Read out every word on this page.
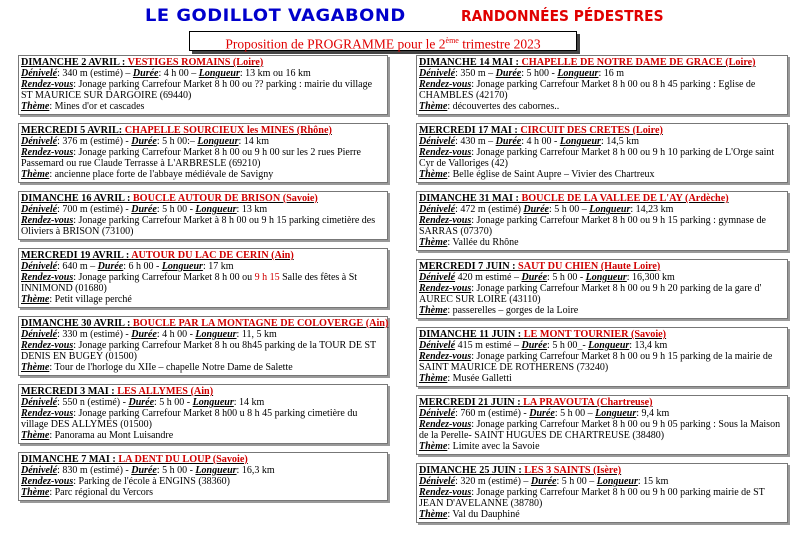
LE GODILLOT VAGABOND	RANDONNÉES PÉDESTRES
Proposition de PROGRAMME pour le 2ème trimestre 2023
DIMANCHE 2 AVRIL : VESTIGES ROMAINS (Loire)
Dénivelé: 340 m (estimé) – Durée: 4 h 00 – Longueur: 13 km ou 16 km
Rendez-vous: Jonage parking Carrefour Market 8 h 00 ou ?? parking : mairie du village ST MAURICE SUR DARGOIRE (69440)
Thème: Mines d'or et cascades
MERCREDI 5 AVRIL: CHAPELLE SOURCIEUX les MINES (Rhône)
Dénivelé: 376 m (estimé) - Durée: 5 h 00:– Longueur: 14 km
Rendez-vous: Jonage parking Carrefour Market 8 h 00 ou 9 h 00 sur les 2 rues Pierre Passemard ou rue Claude Terrasse à L'ARBRESLE (69210)
Thème: ancienne place forte de l'abbaye médiévale de Savigny
DIMANCHE 16 AVRIL : BOUCLE AUTOUR DE BRISON (Savoie)
Dénivelé: 700 m (estimé) - Durée: 5 h 00 - Longueur: 13 km
Rendez-vous: Jonage parking Carrefour Market à 8 h 00 ou 9 h 15 parking cimetière des Oliviers à BRISON (73100)
MERCREDI 19 AVRIL : AUTOUR DU LAC DE CERIN (Ain)
Dénivelé: 640 m – Durée: 6 h 00 - Longueur: 17 km
Rendez-vous: Jonage parking Carrefour Market 8 h 00 ou 9 h 15 Salle des fêtes à St INNIMOND (01680)
Thème: Petit village perché
DIMANCHE 30 AVRIL : BOUCLE PAR LA MONTAGNE DE COLOVERGE (Ain)
Dénivelé: 330 m (estimé) - Durée: 4 h 00 - Longueur: 11, 5 km
Rendez-vous: Jonage parking Carrefour Market 8 h ou 8h45 parking de la TOUR DE ST DENIS EN BUGEY (01500)
Thème: Tour de l'horloge du XIIe – chapelle Notre Dame de Salette
MERCREDI 3 MAI : LES ALLYMES (Ain)
Dénivelé: 550 n (estimé) - Durée: 5 h 00 - Longueur: 14 km
Rendez-vous: Jonage parking Carrefour Market 8 h00 u 8 h 45 parking cimetière du village DES ALLYMES (01500)
Thème: Panorama au Mont Luisandre
DIMANCHE 7 MAI : LA DENT DU LOUP (Savoie)
Dénivelé: 830 m (estimé) - Durée: 5 h 00 - Longueur: 16,3 km
Rendez-vous: Parking de l'école à ENGINS (38360)
Thème: Parc régional du Vercors
DIMANCHE 14 MAI : CHAPELLE DE NOTRE DAME DE GRACE (Loire)
Dénivelé: 350 m – Durée: 5 h00 - Longueur: 16 m
Rendez-vous: Jonage parking Carrefour Market 8 h 00 ou 8 h 45 parking : Eglise de CHAMBLES (42170)
Thème: découvertes des cabornes..
MERCREDI 17 MAI : CIRCUIT DES CRETES (Loire)
Dénivelé: 430 m – Durée: 4 h 00 - Longueur: 14,5 km
Rendez-vous: Jonage parking Carrefour Market 8 h 00 ou 9 h 10 parking de L'Orge saint Cyr de Valloriges (42)
Thème: Belle église de Saint Aupre – Vivier des Chartreux
DIMANCHE 31 MAI : BOUCLE DE LA VALLEE DE L'AY (Ardèche)
Dénivelé: 472 m (estimé) Durée: 5 h 00 – Longueur: 14,23 km
Rendez-vous: Jonage parking Carrefour Market 8 h 00 ou 9 h 15 parking : gymnase de SARRAS (07370)
Thème: Vallée du Rhône
MERCREDI 7 JUIN : SAUT DU CHIEN (Haute Loire)
Dénivelé 420 m estimé – Durée: 5 h 00 - Longueur: 16,300 km
Rendez-vous: Jonage parking Carrefour Market 8 h 00 ou 9 h 20 parking de la gare d' AUREC SUR LOIRE (43110)
Thème: passerelles – gorges de la Loire
DIMANCHE 11 JUIN : LE MONT TOURNIER (Savoie)
Dénivelé 415 m estimé – Durée: 5 h 00_- Longueur: 13,4 km
Rendez-vous: Jonage parking Carrefour Market 8 h 00 ou 9 h 15 parking de la mairie de SAINT MAURICE DE ROTHERENS (73240)
Thème: Musée Galletti
MERCREDI 21 JUIN : LA PRAVOUTA (Chartreuse)
Dénivelé: 760 m (estimé) - Durée: 5 h 00 – Longueur: 9,4 km
Rendez-vous: Jonage parking Carrefour Market 8 h 00 ou 9 h 05 parking : Sous la Maison de la Perelle- SAINT HUGUES DE CHARTREUSE (38480)
Thème: Limite avec la Savoie
DIMANCHE 25 JUIN : LES 3 SAINTS (Isère)
Dénivelé: 320 m (estimé) – Durée: 5 h 00 – Longueur: 15 km
Rendez-vous: Jonage parking Carrefour Market 8 h 00 ou 9 h 00 parking mairie de ST JEAN D'AVELANNE (38780)
Thème: Val du Dauphiné
